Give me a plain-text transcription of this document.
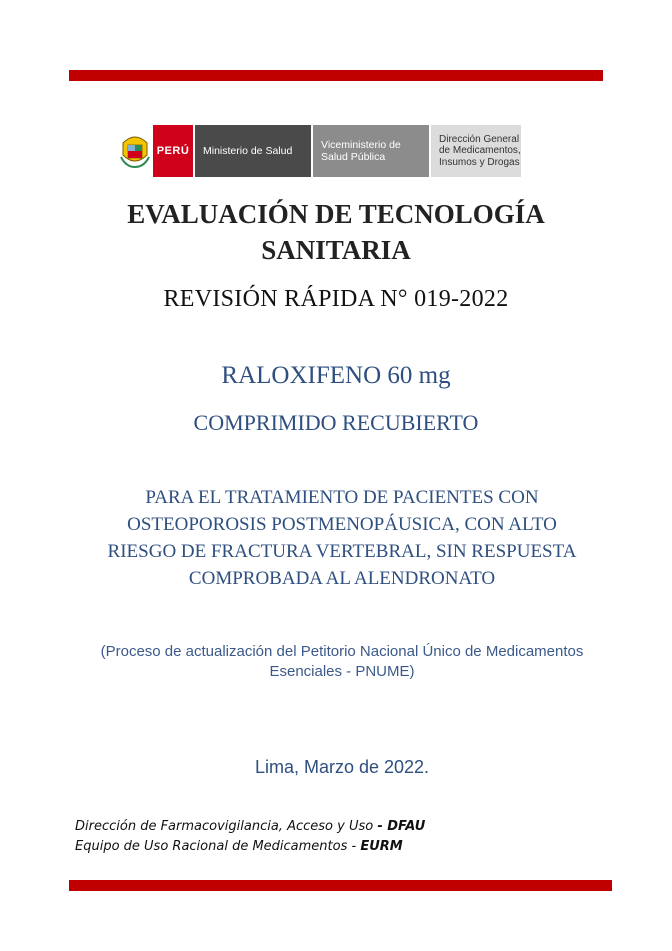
PERÚ	Ministerio de Salud	Viceministerio de Salud Pública
Dirección General de Medicamentos, Insumos y Drogas
EVALUACIÓN DE TECNOLOGÍA
SANITARIA
REVISIÓN RÁPIDA N° 019-2022
RALOXIFENO 60 mg
COMPRIMIDO RECUBIERTO
PARA EL TRATAMIENTO DE PACIENTES CON
OSTEOPOROSIS POSTMENOPÁUSICA, CON ALTO
RIESGO DE FRACTURA VERTEBRAL, SIN RESPUESTA
COMPROBADA AL ALENDRONATO
(Proceso de actualización del Petitorio Nacional Único de Medicamentos
Esenciales - PNUME)
Lima, Marzo de 2022.
Dirección de Farmacovigilancia, Acceso y Uso - DFAU
Equipo de Uso Racional de Medicamentos - EURM
